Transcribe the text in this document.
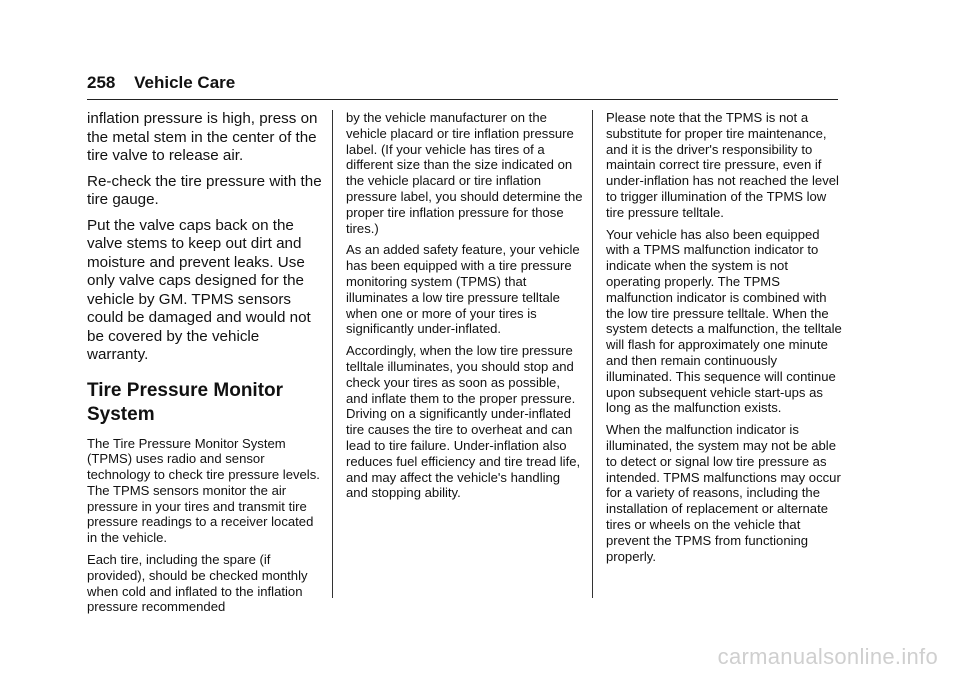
258 Vehicle Care

inflation pressure is high, press on the metal stem in the center of the tire valve to release air.

Re-check the tire pressure with the tire gauge.

Put the valve caps back on the valve stems to keep out dirt and moisture and prevent leaks. Use only valve caps designed for the vehicle by GM. TPMS sensors could be damaged and would not be covered by the vehicle warranty.

Tire Pressure Monitor System

The Tire Pressure Monitor System (TPMS) uses radio and sensor technology to check tire pressure levels. The TPMS sensors monitor the air pressure in your tires and transmit tire pressure readings to a receiver located in the vehicle.

Each tire, including the spare (if provided), should be checked monthly when cold and inflated to the inflation pressure recommended

by the vehicle manufacturer on the vehicle placard or tire inflation pressure label. (If your vehicle has tires of a different size than the size indicated on the vehicle placard or tire inflation pressure label, you should determine the proper tire inflation pressure for those tires.)

As an added safety feature, your vehicle has been equipped with a tire pressure monitoring system (TPMS) that illuminates a low tire pressure telltale when one or more of your tires is significantly under-inflated.

Accordingly, when the low tire pressure telltale illuminates, you should stop and check your tires as soon as possible, and inflate them to the proper pressure. Driving on a significantly under-inflated tire causes the tire to overheat and can lead to tire failure. Under-inflation also reduces fuel efficiency and tire tread life, and may affect the vehicle's handling and stopping ability.

Please note that the TPMS is not a substitute for proper tire maintenance, and it is the driver's responsibility to maintain correct tire pressure, even if under-inflation has not reached the level to trigger illumination of the TPMS low tire pressure telltale.

Your vehicle has also been equipped with a TPMS malfunction indicator to indicate when the system is not operating properly. The TPMS malfunction indicator is combined with the low tire pressure telltale. When the system detects a malfunction, the telltale will flash for approximately one minute and then remain continuously illuminated. This sequence will continue upon subsequent vehicle start-ups as long as the malfunction exists.

When the malfunction indicator is illuminated, the system may not be able to detect or signal low tire pressure as intended. TPMS malfunctions may occur for a variety of reasons, including the installation of replacement or alternate tires or wheels on the vehicle that prevent the TPMS from functioning properly.

carmanualsonline.info
